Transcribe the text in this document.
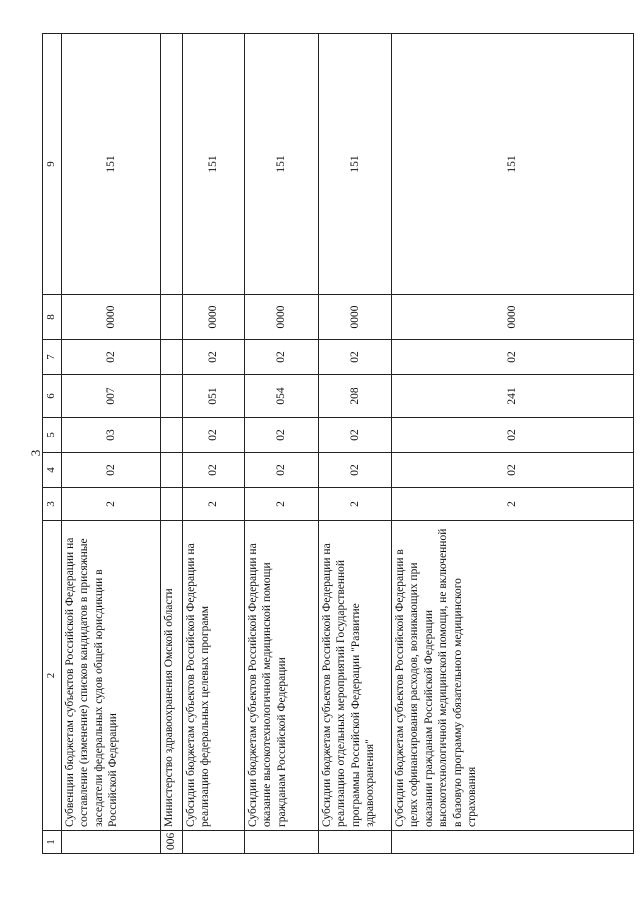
3
1	2	3	4	5	6	7	8	9
	Субвенции бюджетам субъектов Российской Федерации на составление (изменение) списков кандидатов в присяжные заседатели федеральных судов общей юрисдикции в Российской Федерации	2	02	03	007	02	0000	151
006	Министерство здравоохранения Омской области							
	Субсидии бюджетам субъектов Российской Федерации на реализацию федеральных целевых программ	2	02	02	051	02	0000	151
	Субсидии бюджетам субъектов Российской Федерации на оказание высокотехнологичной медицинской помощи гражданам Российской Федерации	2	02	02	054	02	0000	151
	Субсидии бюджетам субъектов Российской Федерации на реализацию отдельных мероприятий Государственной программы Российской Федерации "Развитие здравоохранения"	2	02	02	208	02	0000	151
	Субсидии бюджетам субъектов Российской Федерации в целях софинансирования расходов, возникающих при оказании гражданам Российской Федерации высокотехнологичной медицинской помощи, не включенной в базовую программу обязательного медицинского страхования	2	02	02	241	02	0000	151
